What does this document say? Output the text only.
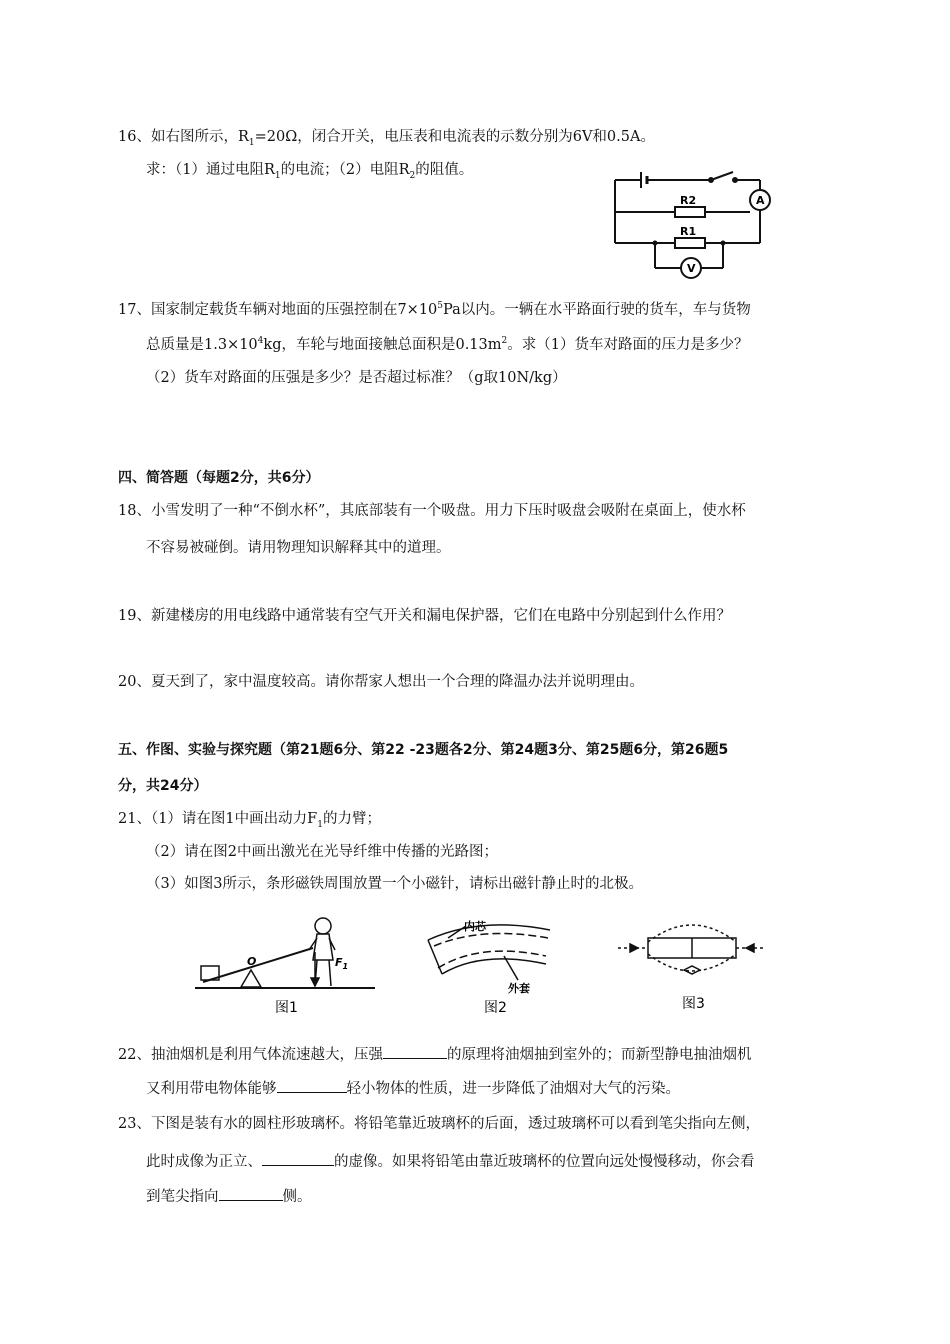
16、如右图所示，$R_1=20\Omega$，闭合开关，电压表和电流表的示数分别为6V和0.5A。
求：（1）通过电阻$R_1$的电流；（2）电阻$R_2$的阻值。
R2
R1
A
V
17、国家制定载货车辆对地面的压强控制在$7\times 10^5Pa$以内。一辆在水平路面行驶的货车，车与货物
总质量是$1.3\times 10^4kg$，车轮与地面接触总面积是$0.13m^2$。求（1）货车对路面的压力是多少？
（2）货车对路面的压强是多少？是否超过标准？（g取10N/kg）
四、简答题（每题2分，共6分）
18、小雪发明了一种“不倒水杯”，其底部装有一个吸盘。用力下压时吸盘会吸附在桌面上，使水杯
不容易被碰倒。请用物理知识解释其中的道理。
19、新建楼房的用电线路中通常装有空气开关和漏电保护器，它们在电路中分别起到什么作用？
20、夏天到了，家中温度较高。请你帮家人想出一个合理的降温办法并说明理由。
五、作图、实验与探究题（第21题6分、第22 -23题各2分、第24题3分、第25题6分，第26题5
分，共24分）
21、（1）请在图1中画出动力$F_1$的力臂；
（2）请在图2中画出激光在光导纤维中传播的光路图；
（3）如图3所示，条形磁铁周围放置一个小磁针，请标出磁针静止时的北极。
O	$F_1$
图1
内芯
外套
图2	图3
22、抽油烟机是利用气体流速越大，压强	的原理将油烟抽到室外的；而新型静电抽油烟机
又利用带电物体能够	轻小物体的性质，进一步降低了油烟对大气的污染。
23、下图是装有水的圆柱形玻璃杯。将铅笔靠近玻璃杯的后面，透过玻璃杯可以看到笔尖指向左侧，
此时成像为正立、	的虚像。如果将铅笔由靠近玻璃杯的位置向远处慢慢移动，你会看
到笔尖指向	侧。
